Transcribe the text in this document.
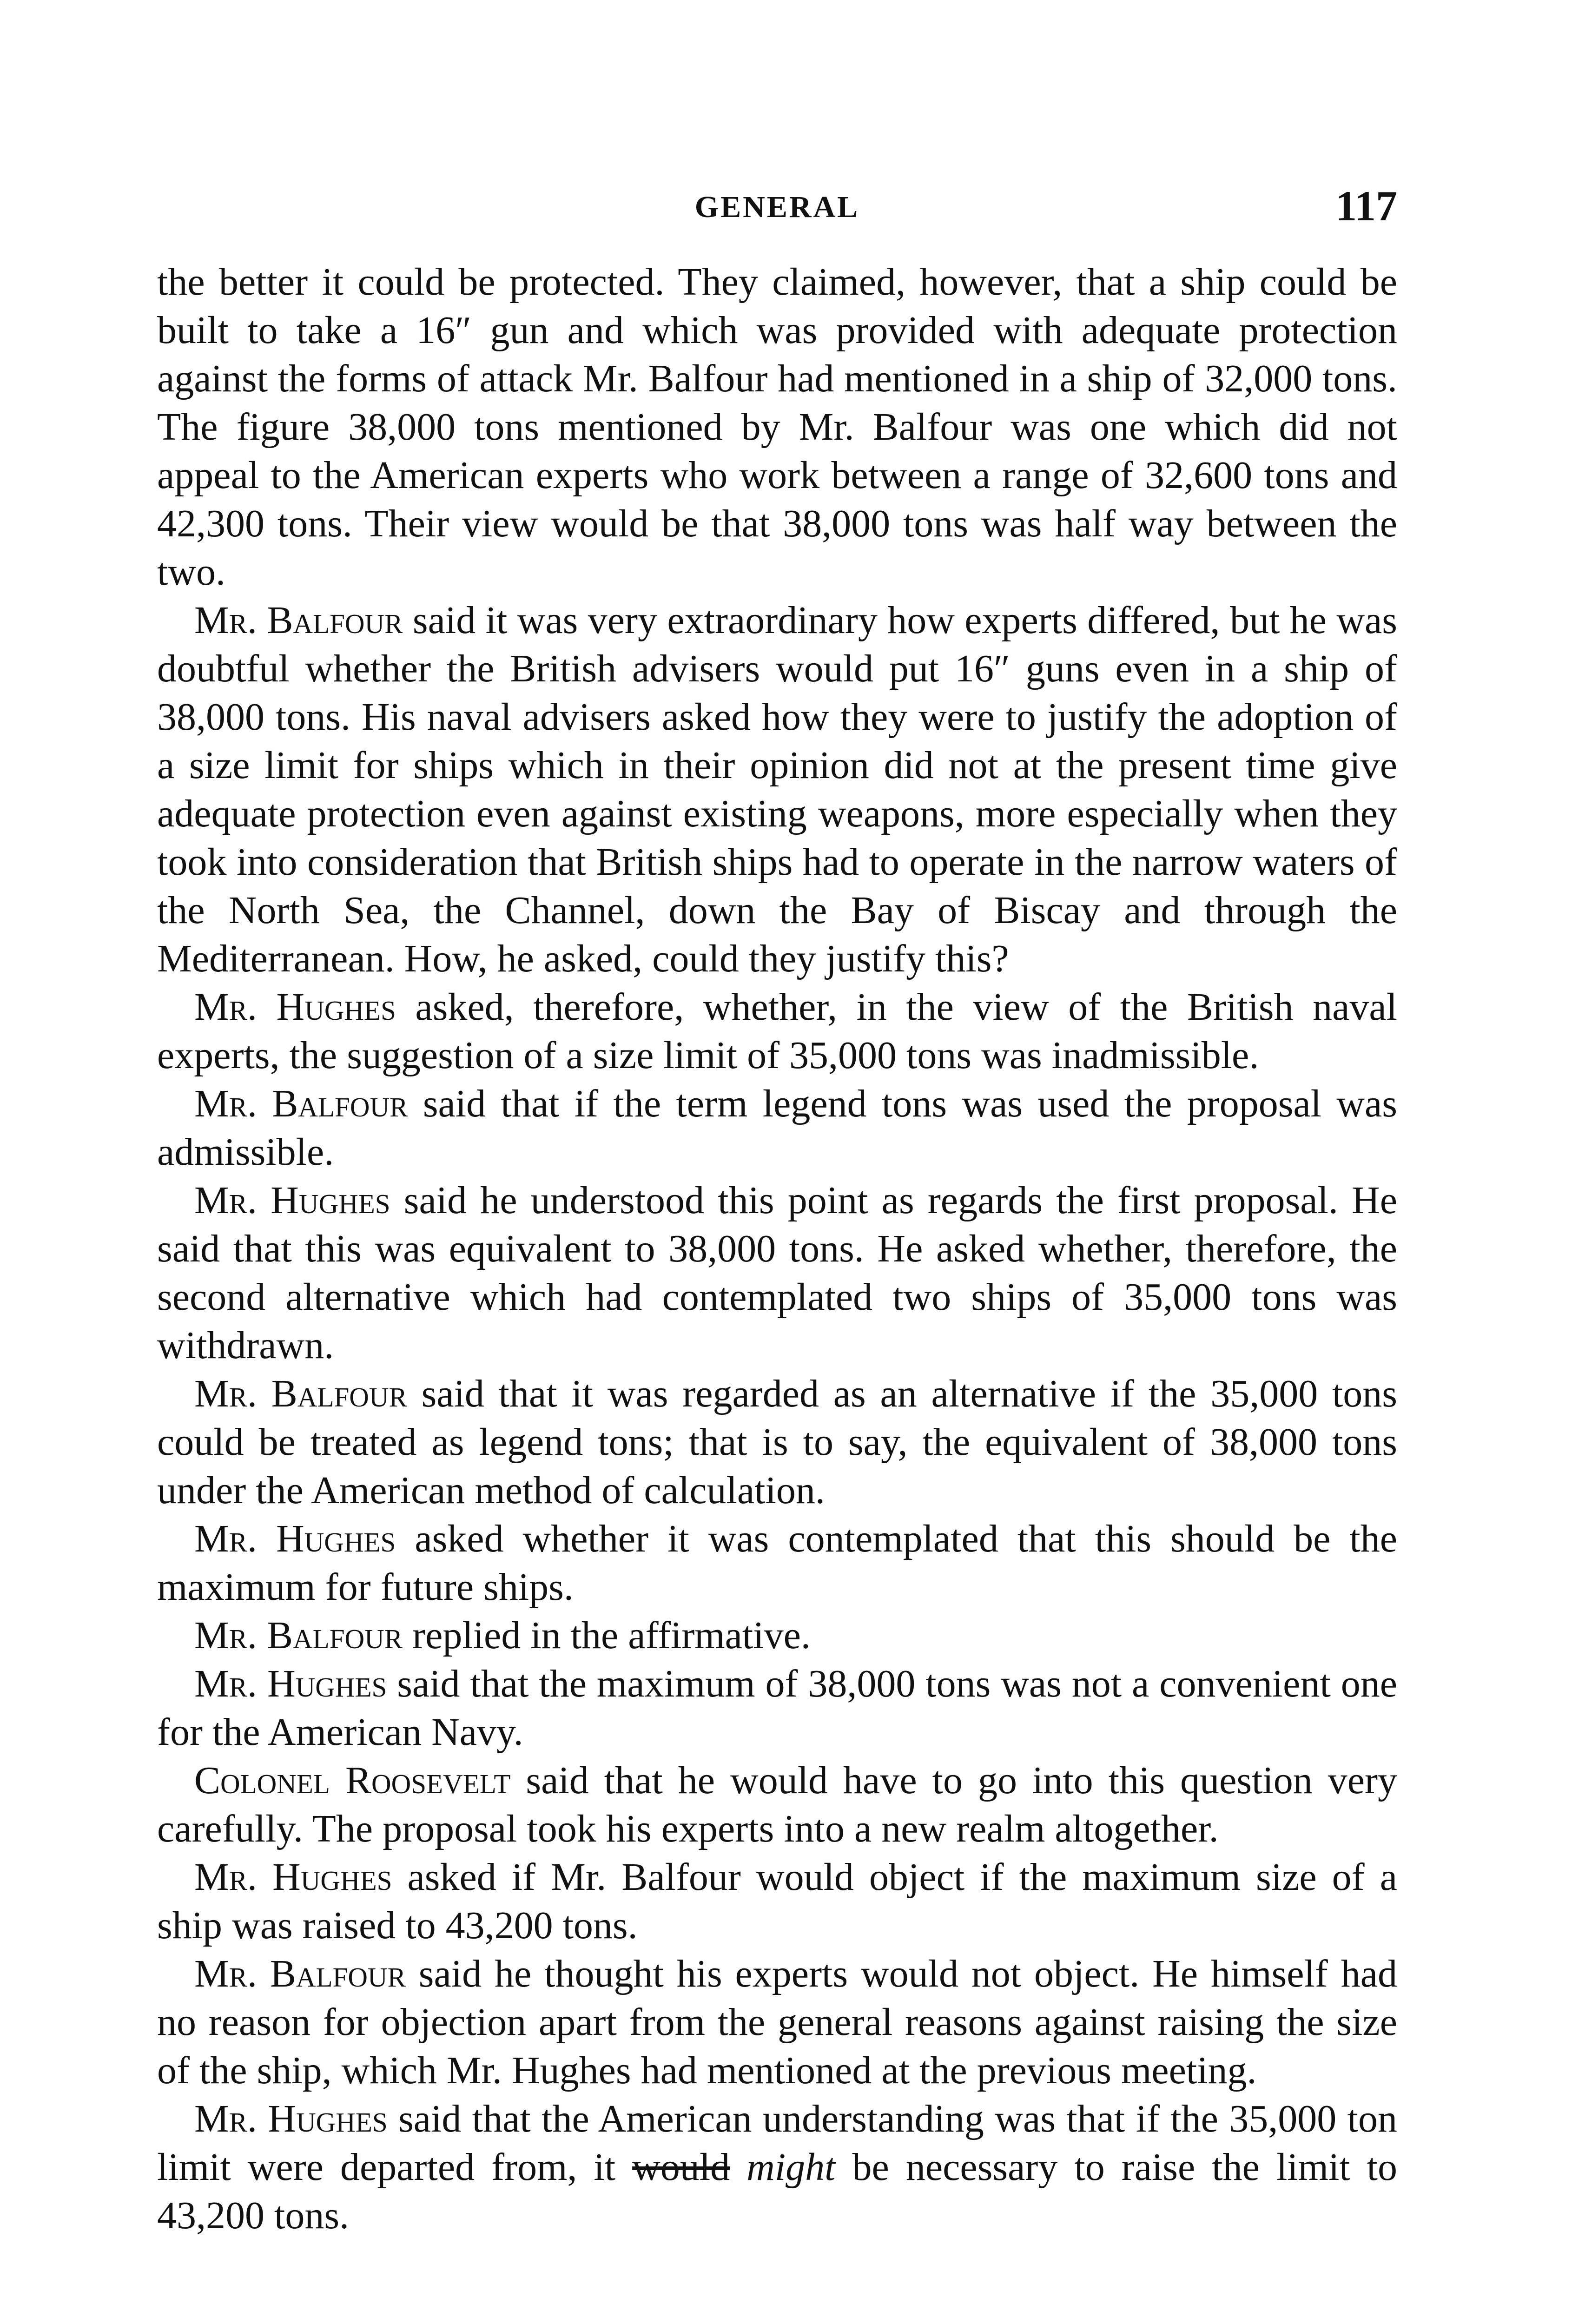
GENERAL	117

the better it could be protected. They claimed, however, that a ship could be built to take a 16″ gun and which was provided with adequate protection against the forms of attack Mr. Balfour had mentioned in a ship of 32,000 tons. The figure 38,000 tons mentioned by Mr. Balfour was one which did not appeal to the American experts who work between a range of 32,600 tons and 42,300 tons. Their view would be that 38,000 tons was half way between the two.

Mr. Balfour said it was very extraordinary how experts differed, but he was doubtful whether the British advisers would put 16″ guns even in a ship of 38,000 tons. His naval advisers asked how they were to justify the adoption of a size limit for ships which in their opinion did not at the present time give adequate protection even against existing weapons, more especially when they took into consideration that British ships had to operate in the narrow waters of the North Sea, the Channel, down the Bay of Biscay and through the Mediterranean. How, he asked, could they justify this?

Mr. Hughes asked, therefore, whether, in the view of the British naval experts, the suggestion of a size limit of 35,000 tons was inadmissible.

Mr. Balfour said that if the term legend tons was used the proposal was admissible.

Mr. Hughes said he understood this point as regards the first proposal. He said that this was equivalent to 38,000 tons. He asked whether, therefore, the second alternative which had contemplated two ships of 35,000 tons was withdrawn.

Mr. Balfour said that it was regarded as an alternative if the 35,000 tons could be treated as legend tons; that is to say, the equivalent of 38,000 tons under the American method of calculation.

Mr. Hughes asked whether it was contemplated that this should be the maximum for future ships.

Mr. Balfour replied in the affirmative.

Mr. Hughes said that the maximum of 38,000 tons was not a convenient one for the American Navy.

Colonel Roosevelt said that he would have to go into this question very carefully. The proposal took his experts into a new realm altogether.

Mr. Hughes asked if Mr. Balfour would object if the maximum size of a ship was raised to 43,200 tons.

Mr. Balfour said he thought his experts would not object. He himself had no reason for objection apart from the general reasons against raising the size of the ship, which Mr. Hughes had mentioned at the previous meeting.

Mr. Hughes said that the American understanding was that if the 35,000 ton limit were departed from, it would might be necessary to raise the limit to 43,200 tons.
